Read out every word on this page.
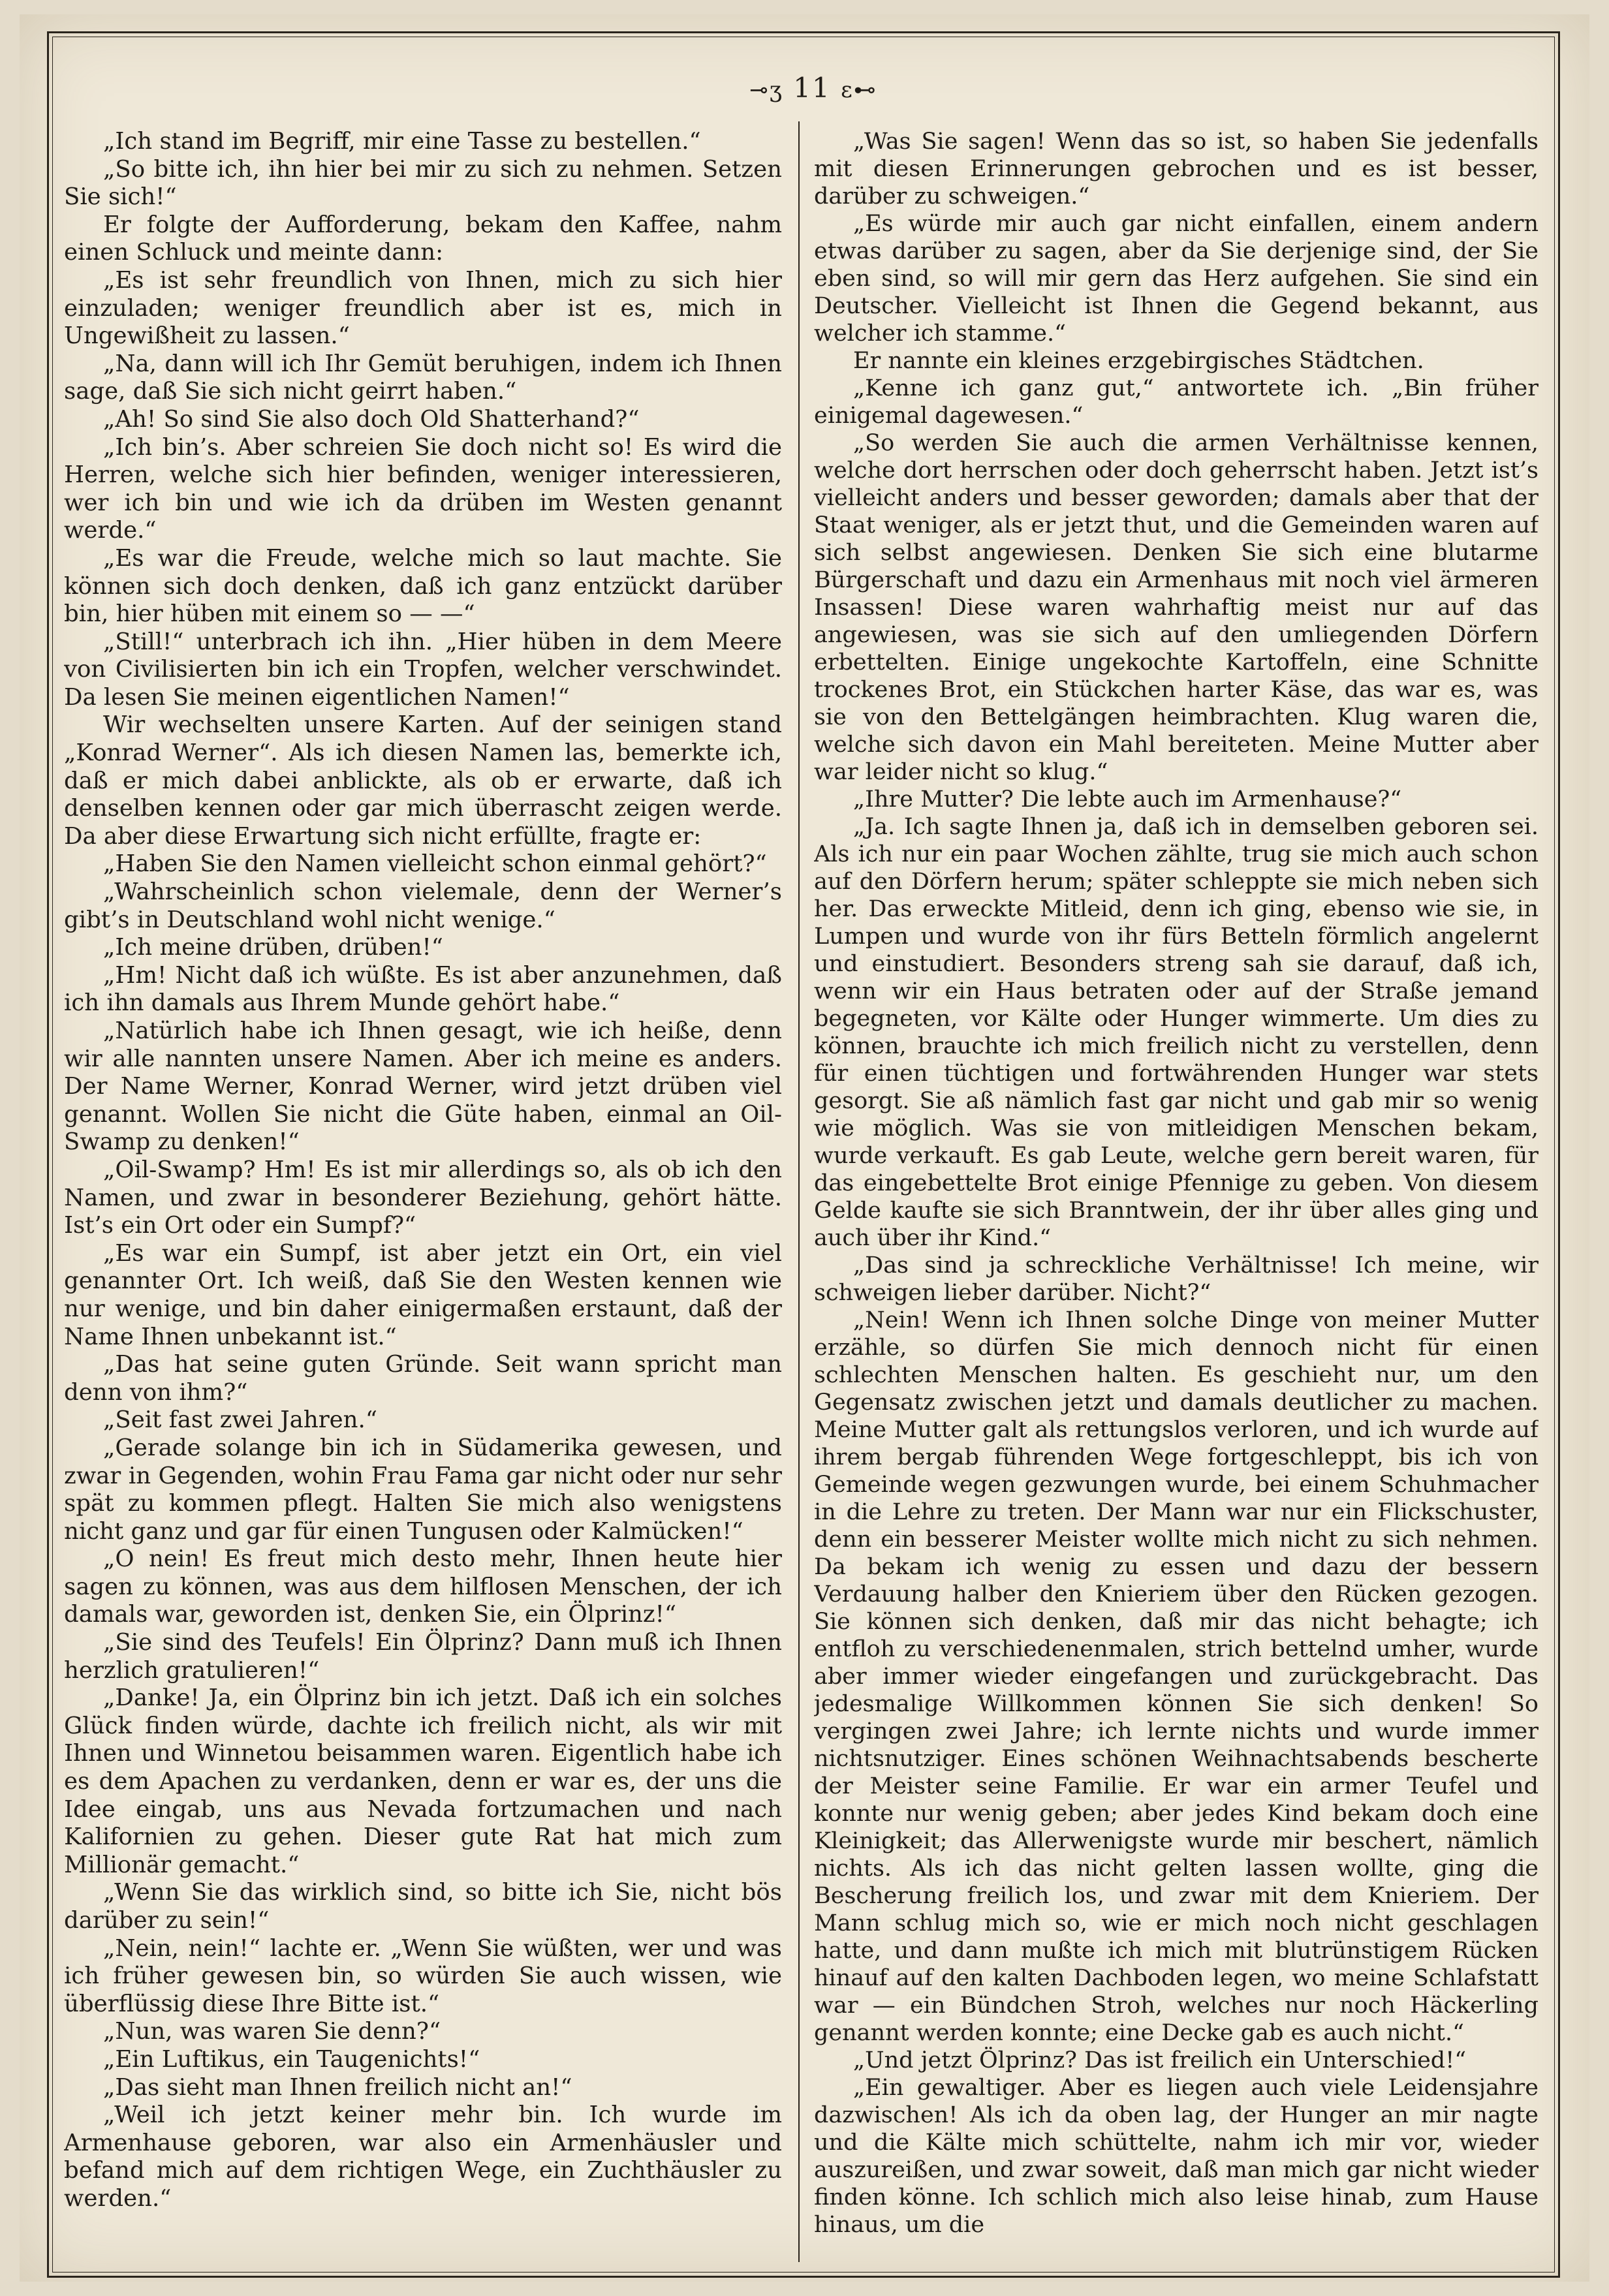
⊸ʒ 11 ɛ⊷

„Ich stand im Begriff, mir eine Tasse zu bestellen.“

„So bitte ich, ihn hier bei mir zu sich zu nehmen. Setzen Sie sich!“

Er folgte der Aufforderung, bekam den Kaffee, nahm einen Schluck und meinte dann:

„Es ist sehr freundlich von Ihnen, mich zu sich hier einzuladen; weniger freundlich aber ist es, mich in Ungewißheit zu lassen.“

„Na, dann will ich Ihr Gemüt beruhigen, indem ich Ihnen sage, daß Sie sich nicht geirrt haben.“

„Ah! So sind Sie also doch Old Shatterhand?“

„Ich bin’s. Aber schreien Sie doch nicht so! Es wird die Herren, welche sich hier befinden, weniger interessieren, wer ich bin und wie ich da drüben im Westen genannt werde.“

„Es war die Freude, welche mich so laut machte. Sie können sich doch denken, daß ich ganz entzückt darüber bin, hier hüben mit einem so — —“

„Still!“ unterbrach ich ihn. „Hier hüben in dem Meere von Civilisierten bin ich ein Tropfen, welcher verschwindet. Da lesen Sie meinen eigentlichen Namen!“

Wir wechselten unsere Karten. Auf der seinigen stand „Konrad Werner“. Als ich diesen Namen las, bemerkte ich, daß er mich dabei anblickte, als ob er erwarte, daß ich denselben kennen oder gar mich überrascht zeigen werde. Da aber diese Erwartung sich nicht erfüllte, fragte er:

„Haben Sie den Namen vielleicht schon einmal gehört?“

„Wahrscheinlich schon vielemale, denn der Werner’s gibt’s in Deutschland wohl nicht wenige.“

„Ich meine drüben, drüben!“

„Hm! Nicht daß ich wüßte. Es ist aber anzunehmen, daß ich ihn damals aus Ihrem Munde gehört habe.“

„Natürlich habe ich Ihnen gesagt, wie ich heiße, denn wir alle nannten unsere Namen. Aber ich meine es anders. Der Name Werner, Konrad Werner, wird jetzt drüben viel genannt. Wollen Sie nicht die Güte haben, einmal an Oil-Swamp zu denken!“

„Oil-Swamp? Hm! Es ist mir allerdings so, als ob ich den Namen, und zwar in besonderer Beziehung, gehört hätte. Ist’s ein Ort oder ein Sumpf?“

„Es war ein Sumpf, ist aber jetzt ein Ort, ein viel genannter Ort. Ich weiß, daß Sie den Westen kennen wie nur wenige, und bin daher einigermaßen erstaunt, daß der Name Ihnen unbekannt ist.“

„Das hat seine guten Gründe. Seit wann spricht man denn von ihm?“

„Seit fast zwei Jahren.“

„Gerade solange bin ich in Südamerika gewesen, und zwar in Gegenden, wohin Frau Fama gar nicht oder nur sehr spät zu kommen pflegt. Halten Sie mich also wenigstens nicht ganz und gar für einen Tungusen oder Kalmücken!“

„O nein! Es freut mich desto mehr, Ihnen heute hier sagen zu können, was aus dem hilflosen Menschen, der ich damals war, geworden ist, denken Sie, ein Ölprinz!“

„Sie sind des Teufels! Ein Ölprinz? Dann muß ich Ihnen herzlich gratulieren!“

„Danke! Ja, ein Ölprinz bin ich jetzt. Daß ich ein solches Glück finden würde, dachte ich freilich nicht, als wir mit Ihnen und Winnetou beisammen waren. Eigentlich habe ich es dem Apachen zu verdanken, denn er war es, der uns die Idee eingab, uns aus Nevada fortzumachen und nach Kalifornien zu gehen. Dieser gute Rat hat mich zum Millionär gemacht.“

„Wenn Sie das wirklich sind, so bitte ich Sie, nicht bös darüber zu sein!“

„Nein, nein!“ lachte er. „Wenn Sie wüßten, wer und was ich früher gewesen bin, so würden Sie auch wissen, wie überflüssig diese Ihre Bitte ist.“

„Nun, was waren Sie denn?“

„Ein Luftikus, ein Taugenichts!“

„Das sieht man Ihnen freilich nicht an!“

„Weil ich jetzt keiner mehr bin. Ich wurde im Armenhause geboren, war also ein Armenhäusler und befand mich auf dem richtigen Wege, ein Zuchthäusler zu werden.“

„Was Sie sagen! Wenn das so ist, so haben Sie jedenfalls mit diesen Erinnerungen gebrochen und es ist besser, darüber zu schweigen.“

„Es würde mir auch gar nicht einfallen, einem andern etwas darüber zu sagen, aber da Sie derjenige sind, der Sie eben sind, so will mir gern das Herz aufgehen. Sie sind ein Deutscher. Vielleicht ist Ihnen die Gegend bekannt, aus welcher ich stamme.“

Er nannte ein kleines erzgebirgisches Städtchen.

„Kenne ich ganz gut,“ antwortete ich. „Bin früher einigemal dagewesen.“

„So werden Sie auch die armen Verhältnisse kennen, welche dort herrschen oder doch geherrscht haben. Jetzt ist’s vielleicht anders und besser geworden; damals aber that der Staat weniger, als er jetzt thut, und die Gemeinden waren auf sich selbst angewiesen. Denken Sie sich eine blutarme Bürgerschaft und dazu ein Armenhaus mit noch viel ärmeren Insassen! Diese waren wahrhaftig meist nur auf das angewiesen, was sie sich auf den umliegenden Dörfern erbettelten. Einige ungekochte Kartoffeln, eine Schnitte trockenes Brot, ein Stückchen harter Käse, das war es, was sie von den Bettelgängen heimbrachten. Klug waren die, welche sich davon ein Mahl bereiteten. Meine Mutter aber war leider nicht so klug.“

„Ihre Mutter? Die lebte auch im Armenhause?“

„Ja. Ich sagte Ihnen ja, daß ich in demselben geboren sei. Als ich nur ein paar Wochen zählte, trug sie mich auch schon auf den Dörfern herum; später schleppte sie mich neben sich her. Das erweckte Mitleid, denn ich ging, ebenso wie sie, in Lumpen und wurde von ihr fürs Betteln förmlich angelernt und einstudiert. Besonders streng sah sie darauf, daß ich, wenn wir ein Haus betraten oder auf der Straße jemand begegneten, vor Kälte oder Hunger wimmerte. Um dies zu können, brauchte ich mich freilich nicht zu verstellen, denn für einen tüchtigen und fortwährenden Hunger war stets gesorgt. Sie aß nämlich fast gar nicht und gab mir so wenig wie möglich. Was sie von mitleidigen Menschen bekam, wurde verkauft. Es gab Leute, welche gern bereit waren, für das eingebettelte Brot einige Pfennige zu geben. Von diesem Gelde kaufte sie sich Branntwein, der ihr über alles ging und auch über ihr Kind.“

„Das sind ja schreckliche Verhältnisse! Ich meine, wir schweigen lieber darüber. Nicht?“

„Nein! Wenn ich Ihnen solche Dinge von meiner Mutter erzähle, so dürfen Sie mich dennoch nicht für einen schlechten Menschen halten. Es geschieht nur, um den Gegensatz zwischen jetzt und damals deutlicher zu machen. Meine Mutter galt als rettungslos verloren, und ich wurde auf ihrem bergab führenden Wege fortgeschleppt, bis ich von Gemeinde wegen gezwungen wurde, bei einem Schuhmacher in die Lehre zu treten. Der Mann war nur ein Flickschuster, denn ein besserer Meister wollte mich nicht zu sich nehmen. Da bekam ich wenig zu essen und dazu der bessern Verdauung halber den Knieriem über den Rücken gezogen. Sie können sich denken, daß mir das nicht behagte; ich entfloh zu verschiedenenmalen, strich bettelnd umher, wurde aber immer wieder eingefangen und zurückgebracht. Das jedesmalige Willkommen können Sie sich denken! So vergingen zwei Jahre; ich lernte nichts und wurde immer nichtsnutziger. Eines schönen Weihnachtsabends bescherte der Meister seine Familie. Er war ein armer Teufel und konnte nur wenig geben; aber jedes Kind bekam doch eine Kleinigkeit; das Allerwenigste wurde mir beschert, nämlich nichts. Als ich das nicht gelten lassen wollte, ging die Bescherung freilich los, und zwar mit dem Knieriem. Der Mann schlug mich so, wie er mich noch nicht geschlagen hatte, und dann mußte ich mich mit blutrünstigem Rücken hinauf auf den kalten Dachboden legen, wo meine Schlafstatt war — ein Bündchen Stroh, welches nur noch Häckerling genannt werden konnte; eine Decke gab es auch nicht.“

„Und jetzt Ölprinz? Das ist freilich ein Unterschied!“

„Ein gewaltiger. Aber es liegen auch viele Leidensjahre dazwischen! Als ich da oben lag, der Hunger an mir nagte und die Kälte mich schüttelte, nahm ich mir vor, wieder auszureißen, und zwar soweit, daß man mich gar nicht wieder finden könne. Ich schlich mich also leise hinab, zum Hause hinaus, um die
